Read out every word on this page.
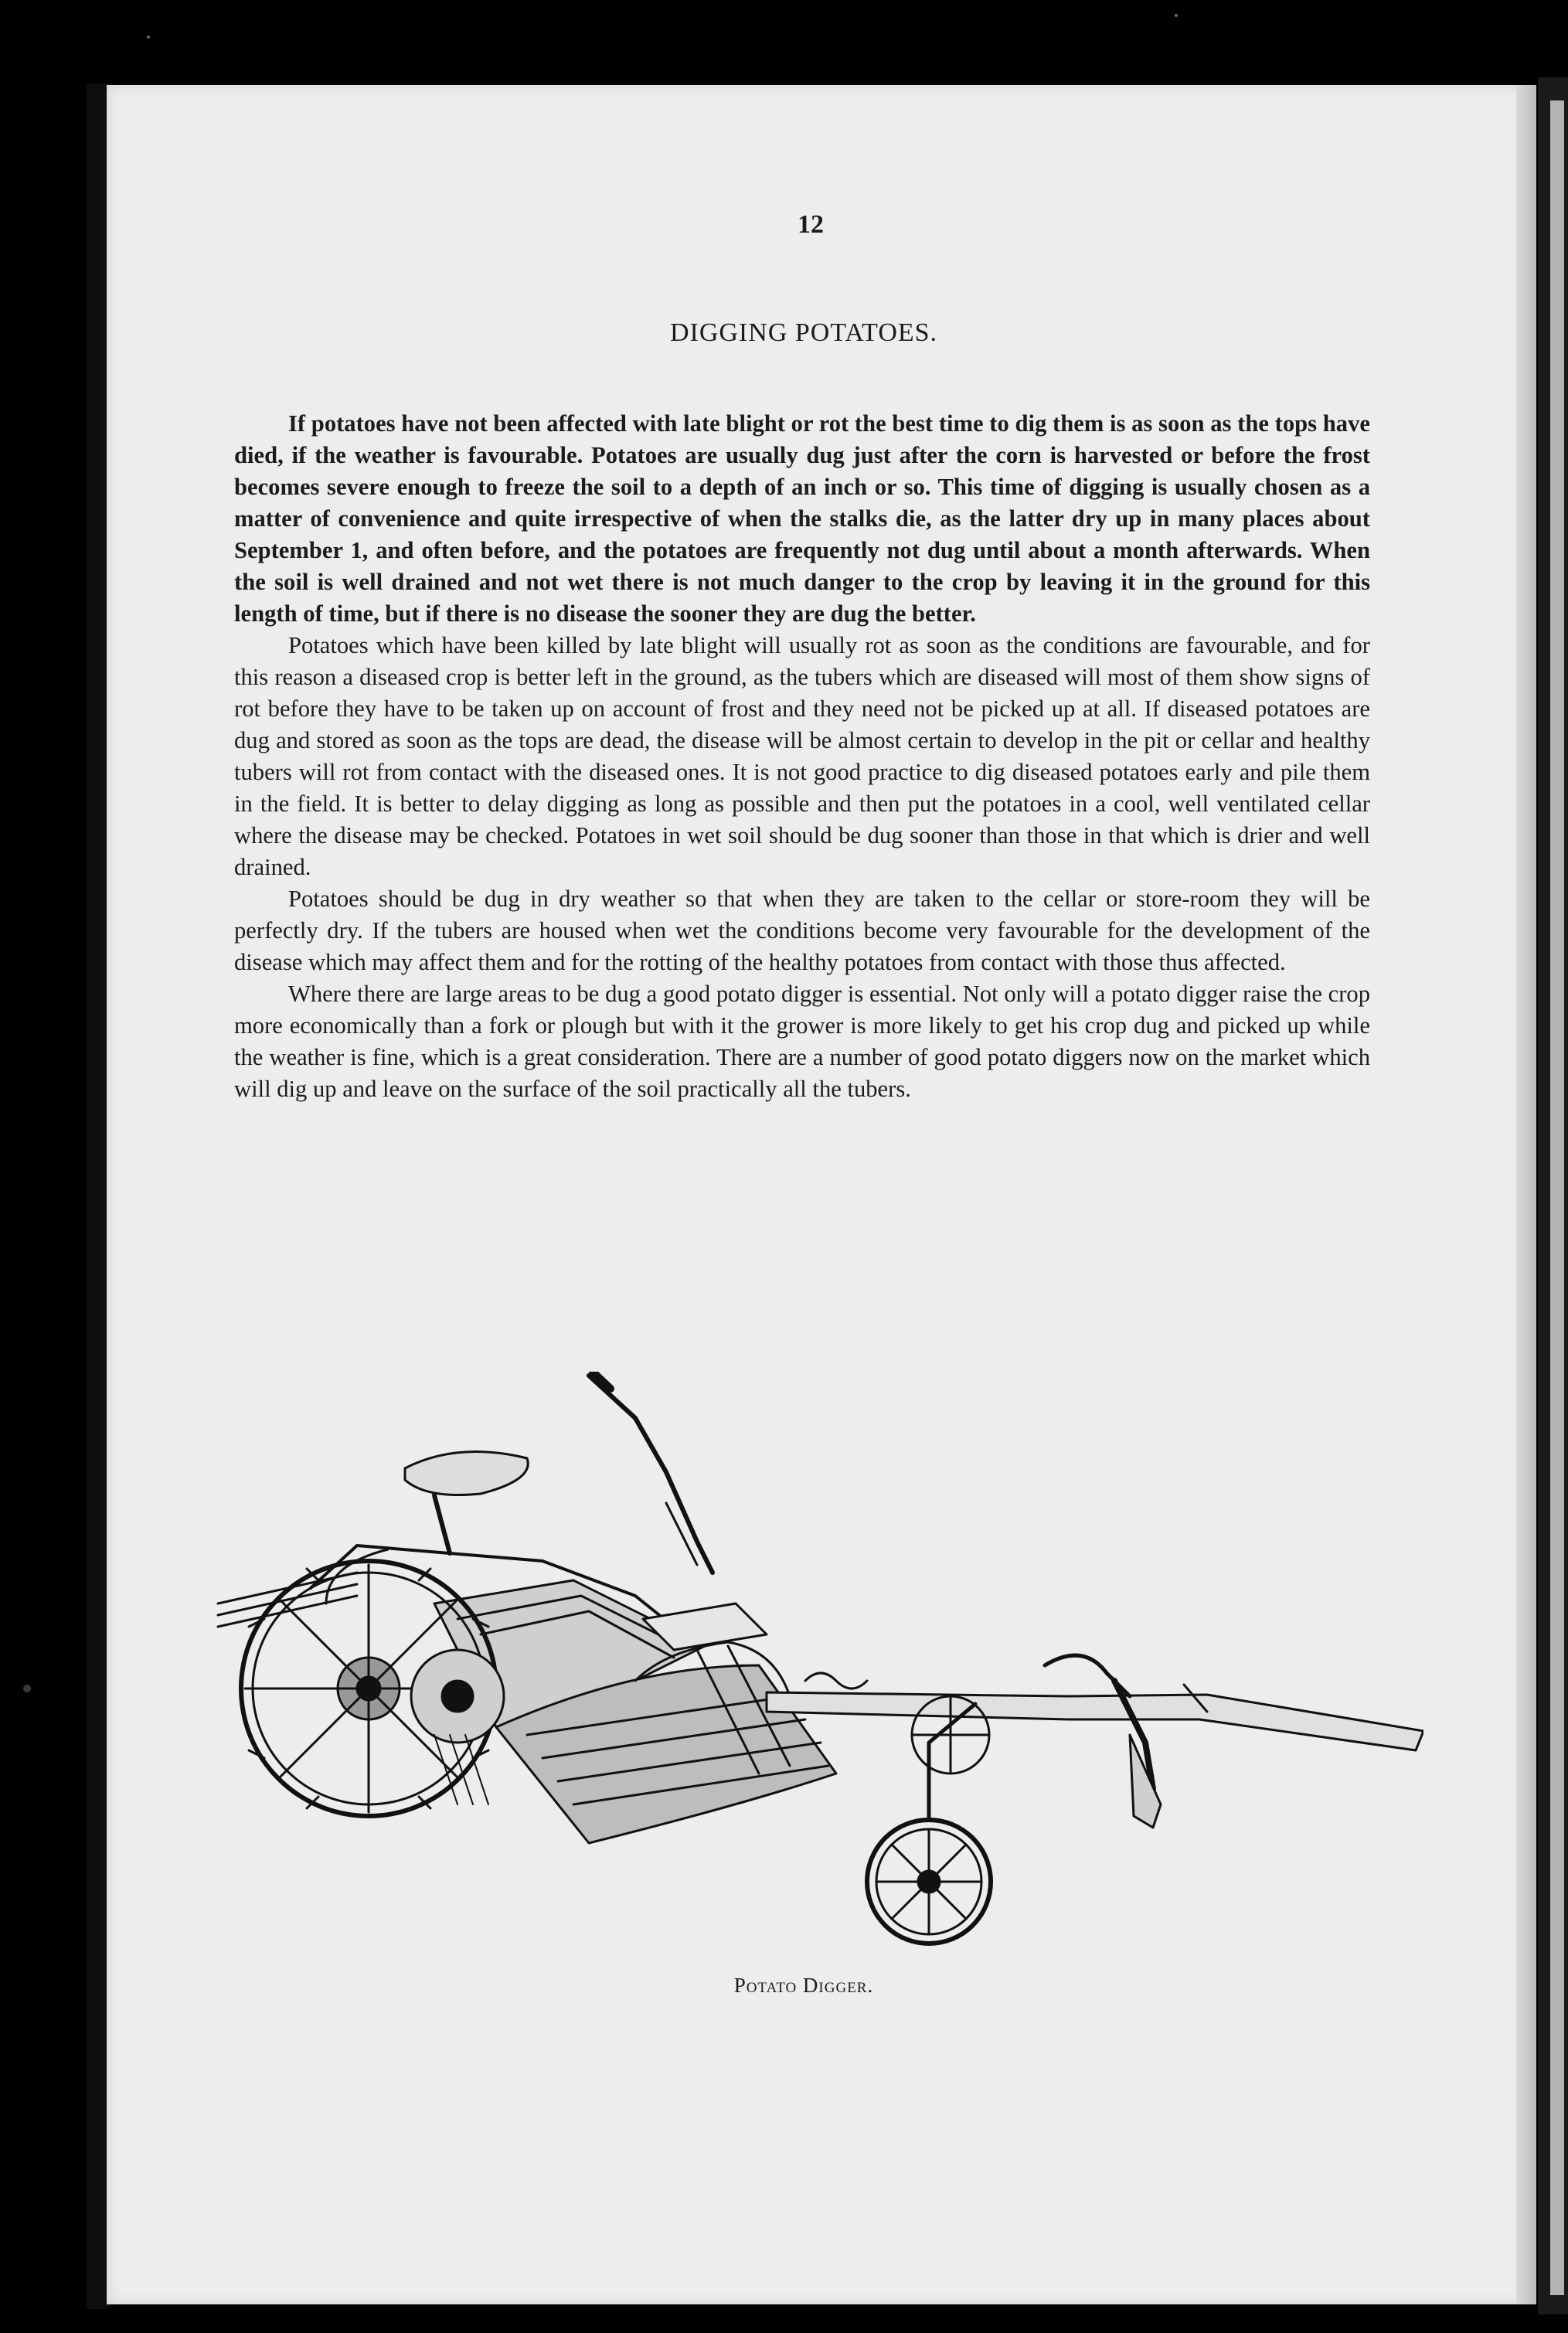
12
DIGGING POTATOES.

If potatoes have not been affected with late blight or rot the best time to dig them is as soon as the tops have died, if the weather is favourable. Potatoes are usually dug just after the corn is harvested or before the frost becomes severe enough to freeze the soil to a depth of an inch or so. This time of digging is usually chosen as a matter of convenience and quite irrespective of when the stalks die, as the latter dry up in many places about September 1, and often before, and the potatoes are frequently not dug until about a month afterwards. When the soil is well drained and not wet there is not much danger to the crop by leaving it in the ground for this length of time, but if there is no disease the sooner they are dug the better.

Potatoes which have been killed by late blight will usually rot as soon as the conditions are favourable, and for this reason a diseased crop is better left in the ground, as the tubers which are diseased will most of them show signs of rot before they have to be taken up on account of frost and they need not be picked up at all. If diseased potatoes are dug and stored as soon as the tops are dead, the disease will be almost certain to develop in the pit or cellar and healthy tubers will rot from contact with the diseased ones. It is not good practice to dig diseased potatoes early and pile them in the field. It is better to delay digging as long as possible and then put the potatoes in a cool, well ventilated cellar where the disease may be checked. Potatoes in wet soil should be dug sooner than those in that which is drier and well drained.

Potatoes should be dug in dry weather so that when they are taken to the cellar or store-room they will be perfectly dry. If the tubers are housed when wet the conditions become very favourable for the development of the disease which may affect them and for the rotting of the healthy potatoes from contact with those thus affected.

Where there are large areas to be dug a good potato digger is essential. Not only will a potato digger raise the crop more economically than a fork or plough but with it the grower is more likely to get his crop dug and picked up while the weather is fine, which is a great consideration. There are a number of good potato diggers now on the market which will dig up and leave on the surface of the soil practically all the tubers.

Potato Digger.
